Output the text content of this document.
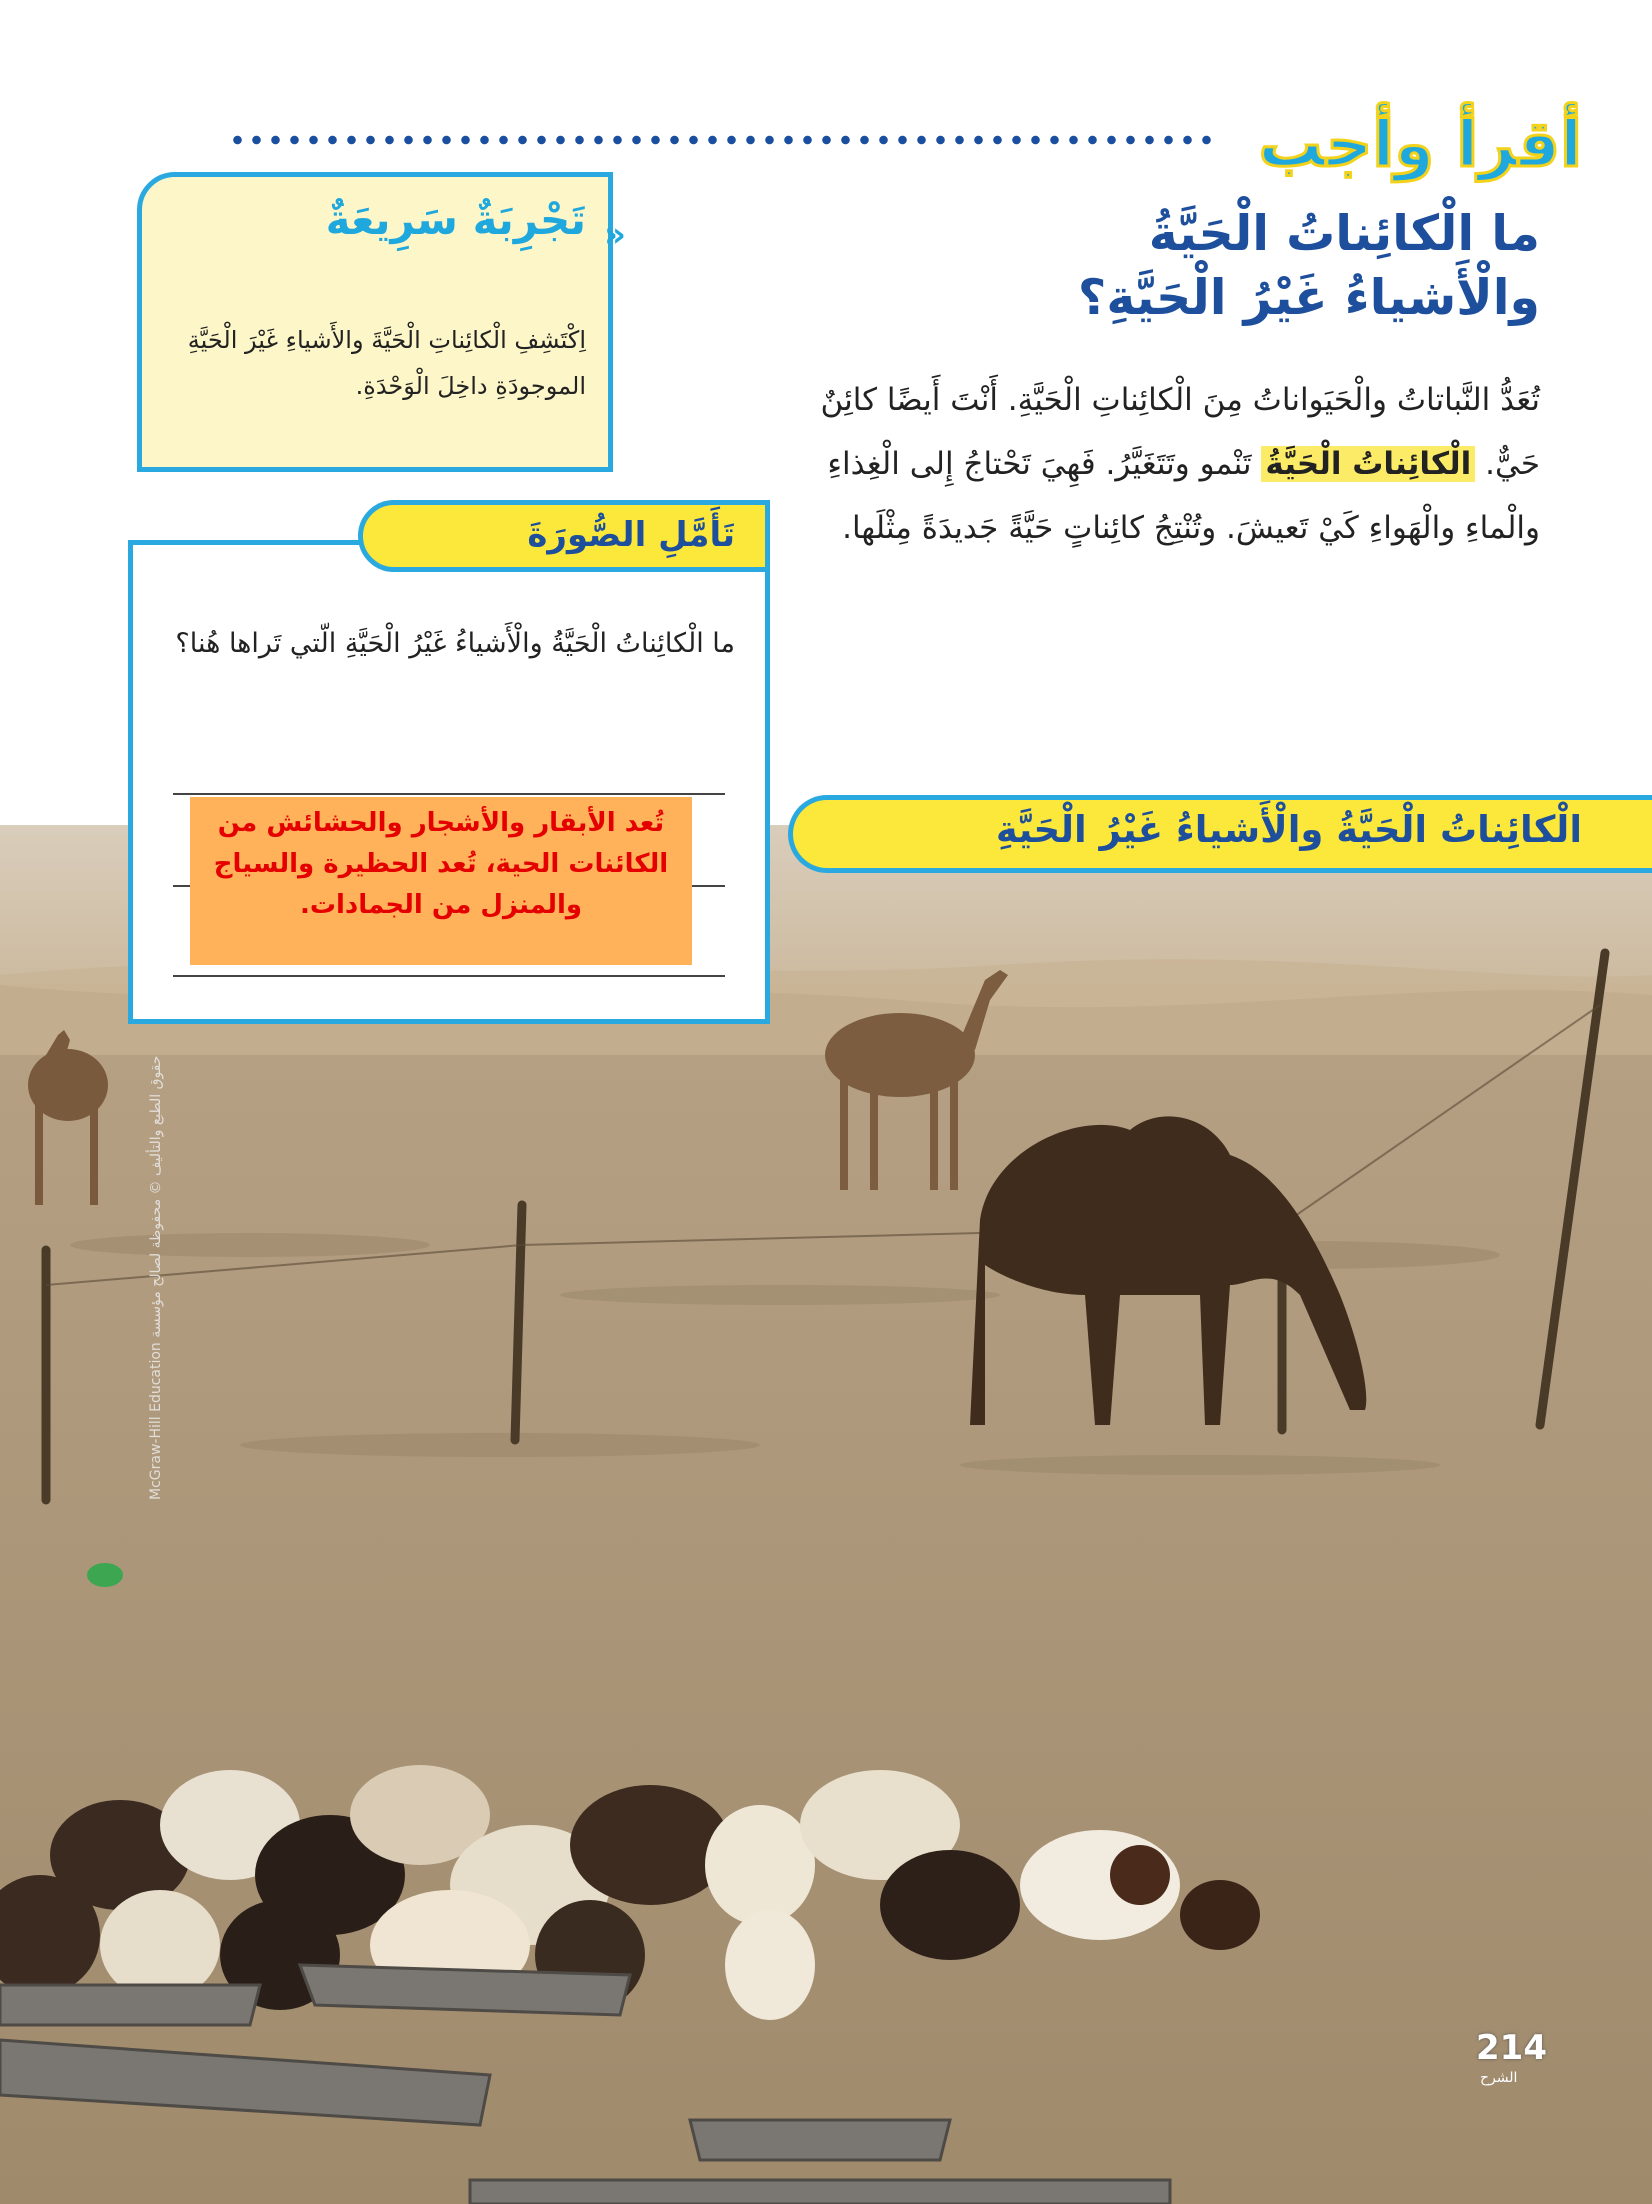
أقرأ وأجب
ما الْكائِناتُ الْحَيَّةُ
والْأَشياءُ غَيْرُ الْحَيَّةِ؟
تُعَدُّ النَّباتاتُ والْحَيَواناتُ مِنَ الْكائِناتِ الْحَيَّةِ. أَنْتَ أَيضًا كائِنٌ حَيٌّ. الْكائِناتُ الْحَيَّةُ تَنْمو وتَتَغَيَّرُ. فَهِيَ تَحْتاجُ إِلى الْغِذاءِ والْماءِ والْهَواءِ كَيْ تَعيشَ. وتُنْتِجُ كائِناتٍ حَيَّةً جَديدَةً مِثْلَها.
تَجْرِبَةٌ سَرِيعَةٌ »
اِكْتَشِفِ الْكائِناتِ الْحَيَّةَ والأَشياءِ غَيْرَ الْحَيَّةِ الموجودَةِ داخِلَ الْوَحْدَةِ.
ما الْكائِناتُ الْحَيَّةُ والْأَشياءُ غَيْرُ الْحَيَّةِ الّتي تَراها هُنا؟
تَأَمَّلِ الصُّورَةَ
تُعد الأبقار والأشجار والحشائش من الكائنات الحية، تُعد الحظيرة والسياج والمنزل من الجمادات.
الْكائِناتُ الْحَيَّةُ والْأَشياءُ غَيْرُ الْحَيَّةِ
McGraw-Hill Education حقوق الطبع والتأليف © محفوظة لصالح مؤسسة
214
الشرح
